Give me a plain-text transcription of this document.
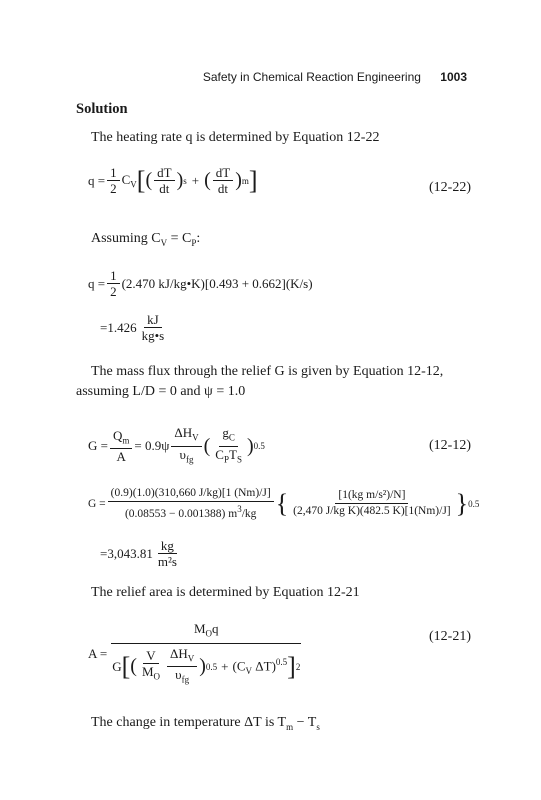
Safety in Chemical Reaction Engineering 1003
Solution
The heating rate q is determined by Equation 12-22
$q = \frac{1}{2} C_V$ [ ( $\frac{dT}{dt}$ ) s + ( $\frac{dT}{dt}$ ) m ]	(12-22)
Assuming $C_V = C_P$:
$q = \frac{1}{2} (2.470$ kJ/kg•K)[0.493 + 0.662](K/s)
= $1.426 \frac{kJ}{kg•s}$
The mass flux through the relief G is given by Equation 12-12,
assuming L/D = 0 and ψ = 1.0
$G = \frac{Q_m}{A} = 0.9\psi \frac{\Delta H_V}{\upsilon_{fg}}$ ( $\frac{g_C}{C_PT_S}$ ) 0.5	(12-12)
$G = \frac{(0.9)(1.0)(310,660 J/kg)[1 (Nm)/J]}{(0.08553 - 0.001388) m^3/kg}$ { $\frac{\text{[1(kg m/s²)/N]}}{\text{(2,470 J/kg K)(482.5 K)[1(Nm)/J]}}$ } 0.5
= $3,043.81 \frac{kg}{\text{m²s}}$
The relief area is determined by Equation 12-21
A =
$M_Oq$
G [ ( $\frac{V}{M_O} \frac{\Delta H_V}{\upsilon_{fg}}$ ) $0.5 + (C_V$ ΔT)$^{0.5}$ ] 2
(12-21)
The change in temperature ΔT is $T_m - T_s$
